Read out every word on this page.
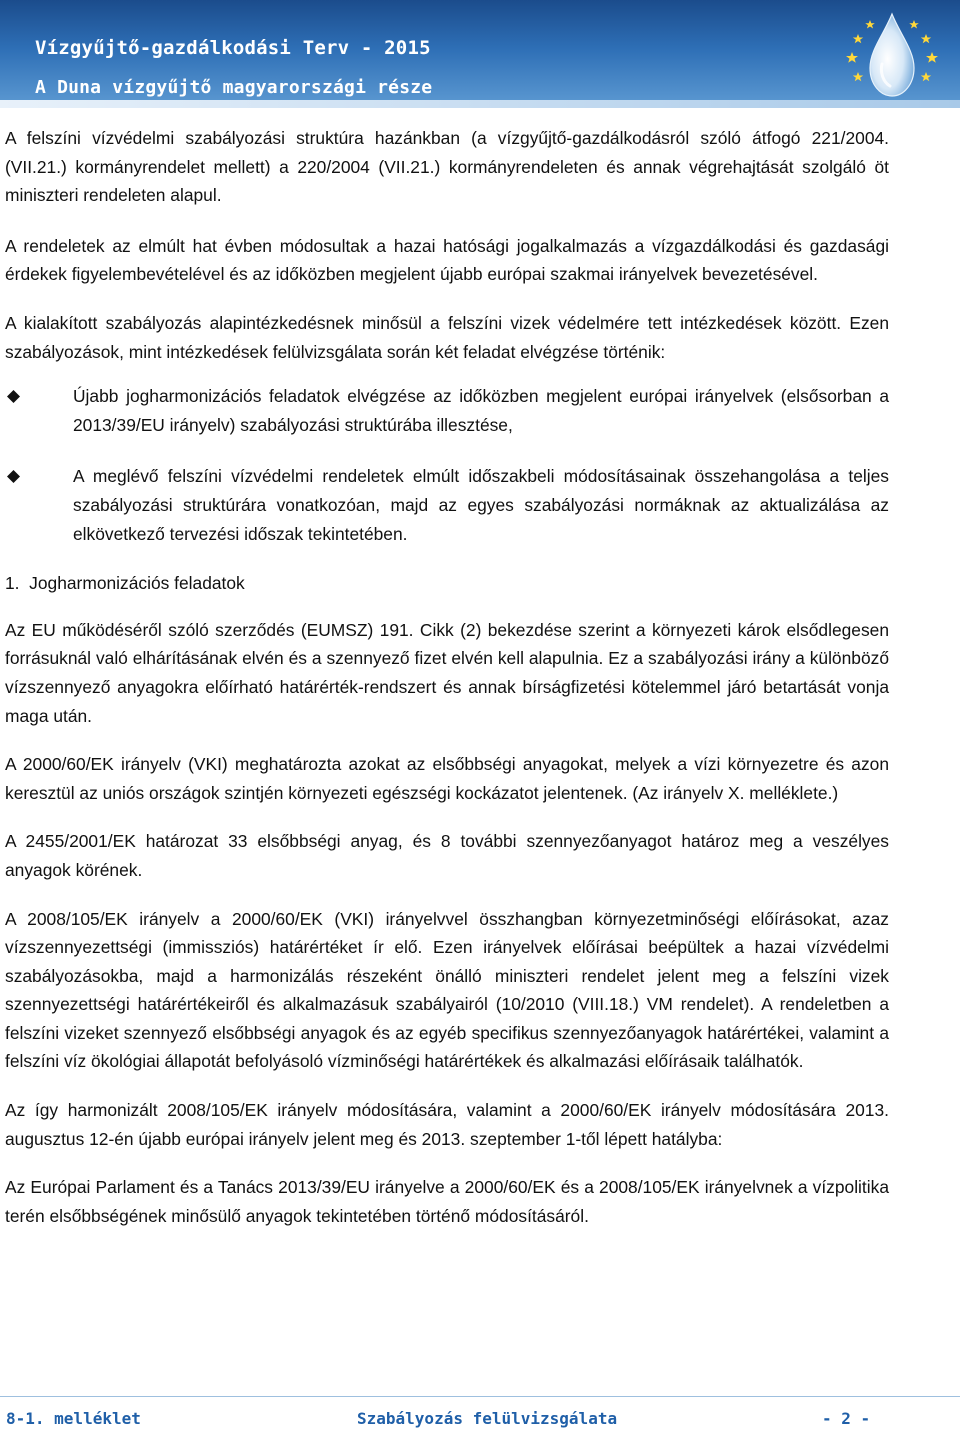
Vízgyűjtő-gazdálkodási Terv - 2015
A Duna vízgyűjtő magyarországi része

A felszíni vízvédelmi szabályozási struktúra hazánkban (a vízgyűjtő-gazdálkodásról szóló átfogó 221/2004. (VII.21.) kormányrendelet mellett) a 220/2004 (VII.21.) kormányrendeleten és annak végrehajtását szolgáló öt miniszteri rendeleten alapul.

A rendeletek az elmúlt hat évben módosultak a hazai hatósági jogalkalmazás a vízgazdálkodási és gazdasági érdekek figyelembevételével és az időközben megjelent újabb európai szakmai irányelvek bevezetésével.

A kialakított szabályozás alapintézkedésnek minősül a felszíni vizek védelmére tett intézkedések között. Ezen szabályozások, mint intézkedések felülvizsgálata során két feladat elvégzése történik:

Újabb jogharmonizációs feladatok elvégzése az időközben megjelent európai irányelvek (elsősorban a 2013/39/EU irányelv) szabályozási struktúrába illesztése,

A meglévő felszíni vízvédelmi rendeletek elmúlt időszakbeli módosításainak összehangolása a teljes szabályozási struktúrára vonatkozóan, majd az egyes szabályozási normáknak az aktualizálása az elkövetkező tervezési időszak tekintetében.

1.  Jogharmonizációs feladatok

Az EU működéséről szóló szerződés (EUMSZ) 191. Cikk (2) bekezdése szerint a környezeti károk elsődlegesen forrásuknál való elhárításának elvén és a szennyező fizet elvén kell alapulnia. Ez a szabályozási irány a különböző vízszennyező anyagokra előírható határérték-rendszert és annak bírságfizetési kötelemmel járó betartását vonja maga után.

A 2000/60/EK irányelv (VKI) meghatározta azokat az elsőbbségi anyagokat, melyek a vízi környezetre és azon keresztül az uniós országok szintjén környezeti egészségi kockázatot jelentenek. (Az irányelv X. melléklete.)

A 2455/2001/EK határozat 33 elsőbbségi anyag, és 8 további szennyezőanyagot határoz meg a veszélyes anyagok körének.

A 2008/105/EK irányelv a 2000/60/EK (VKI) irányelvvel összhangban környezetminőségi előírásokat, azaz vízszennyezettségi (immissziós) határértéket ír elő. Ezen irányelvek előírásai beépültek a hazai vízvédelmi szabályozásokba, majd a harmonizálás részeként önálló miniszteri rendelet jelent meg a felszíni vizek szennyezettségi határértékeiről és alkalmazásuk szabályairól (10/2010 (VIII.18.) VM rendelet). A rendeletben a felszíni vizeket szennyező elsőbbségi anyagok és az egyéb specifikus szennyezőanyagok határértékei, valamint a felszíni víz ökológiai állapotát befolyásoló vízminőségi határértékek és alkalmazási előírásaik találhatók.

Az így harmonizált 2008/105/EK irányelv módosítására, valamint a 2000/60/EK irányelv módosítására 2013. augusztus 12-én újabb európai irányelv jelent meg és 2013. szeptember 1-től lépett hatályba:

Az Európai Parlament és a Tanács 2013/39/EU irányelve a 2000/60/EK és a 2008/105/EK irányelvnek a vízpolitika terén elsőbbségének minősülő anyagok tekintetében történő módosításáról.

8-1. melléklet	Szabályozás felülvizsgálata	- 2 -
